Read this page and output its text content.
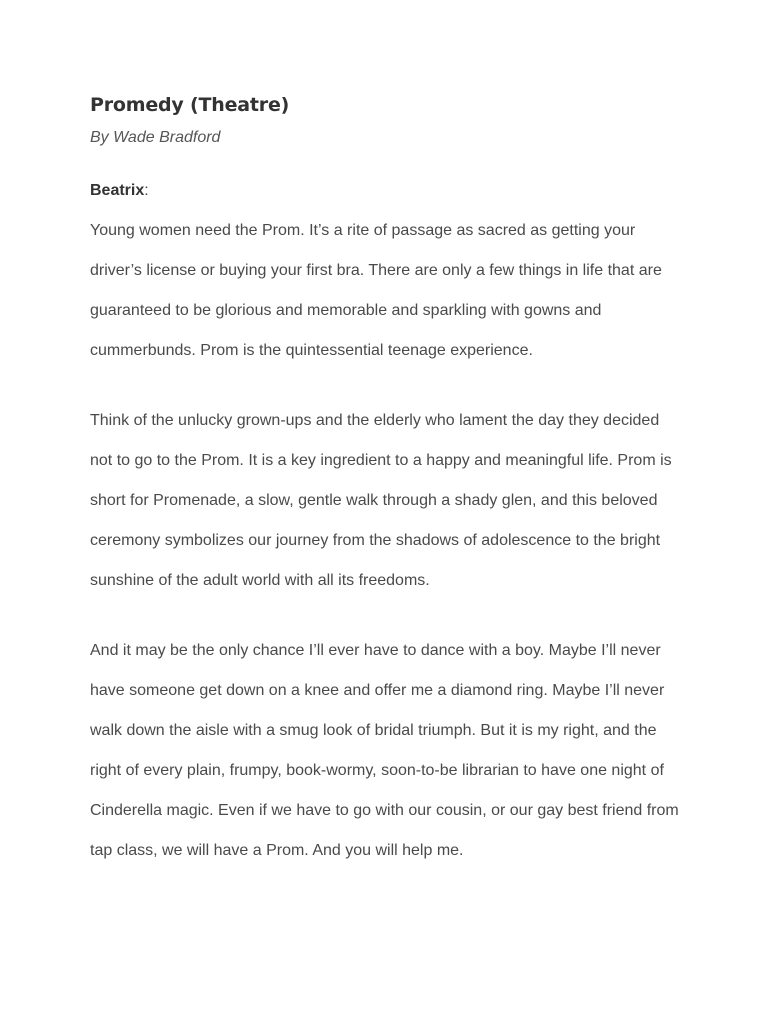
Promedy (Theatre)

By Wade Bradford

Beatrix:

Young women need the Prom. It’s a rite of passage as sacred as getting your driver’s license or buying your first bra. There are only a few things in life that are guaranteed to be glorious and memorable and sparkling with gowns and cummerbunds. Prom is the quintessential teenage experience.

Think of the unlucky grown-ups and the elderly who lament the day they decided not to go to the Prom. It is a key ingredient to a happy and meaningful life. Prom is short for Promenade, a slow, gentle walk through a shady glen, and this beloved ceremony symbolizes our journey from the shadows of adolescence to the bright sunshine of the adult world with all its freedoms.

And it may be the only chance I’ll ever have to dance with a boy. Maybe I’ll never have someone get down on a knee and offer me a diamond ring. Maybe I’ll never walk down the aisle with a smug look of bridal triumph. But it is my right, and the right of every plain, frumpy, book-wormy, soon-to-be librarian to have one night of Cinderella magic. Even if we have to go with our cousin, or our gay best friend from tap class, we will have a Prom. And you will help me.
